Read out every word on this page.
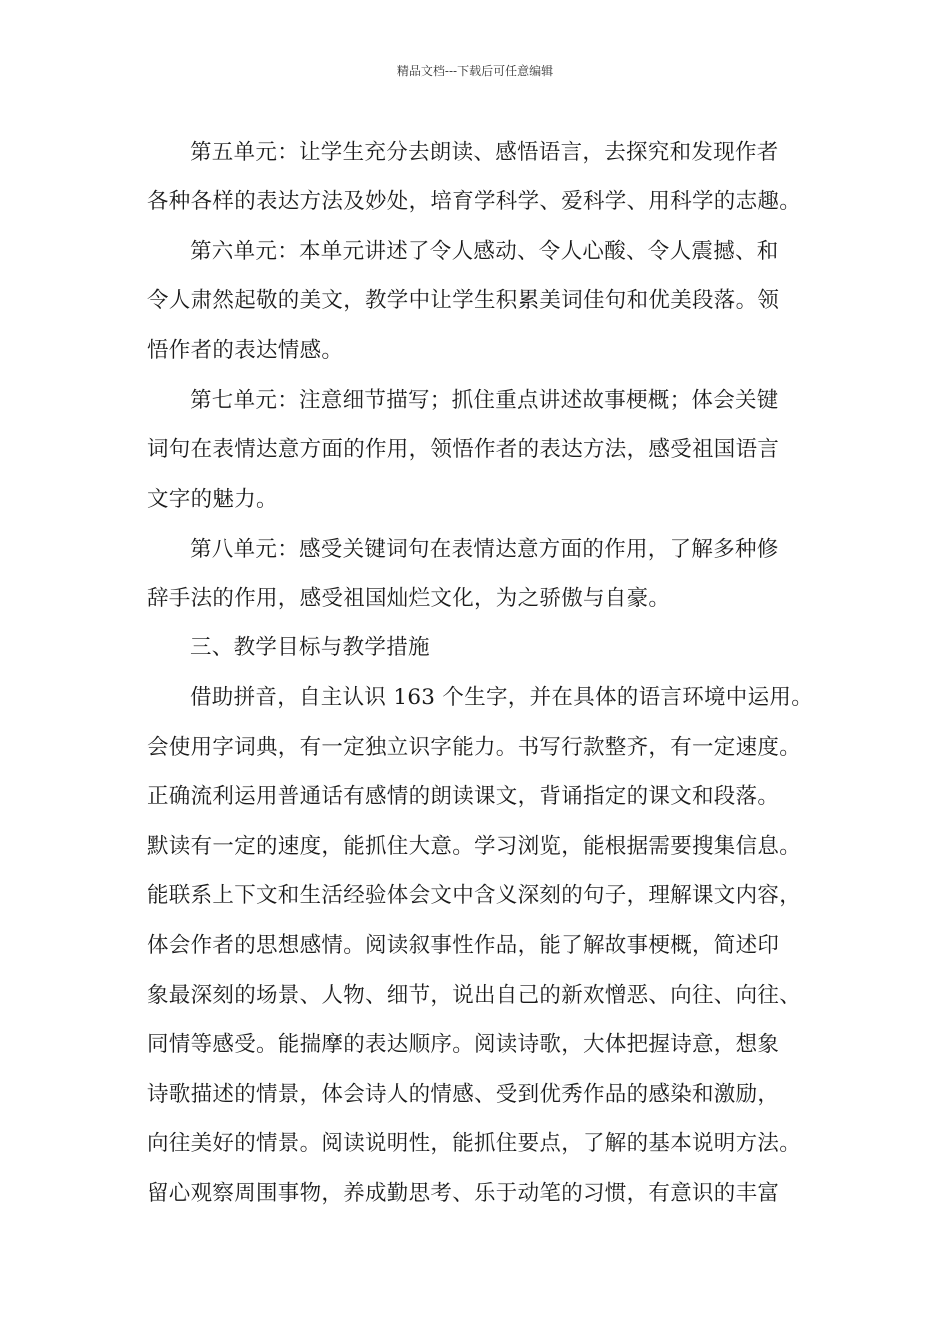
精品文档---下载后可任意编辑
第五单元：让学生充分去朗读、感悟语言，去探究和发现作者
各种各样的表达方法及妙处，培育学科学、爱科学、用科学的志趣。
第六单元：本单元讲述了令人感动、令人心酸、令人震撼、和
令人肃然起敬的美文，教学中让学生积累美词佳句和优美段落。领
悟作者的表达情感。
第七单元：注意细节描写；抓住重点讲述故事梗概；体会关键
词句在表情达意方面的作用，领悟作者的表达方法，感受祖国语言
文字的魅力。
第八单元：感受关键词句在表情达意方面的作用，了解多种修
辞手法的作用，感受祖国灿烂文化，为之骄傲与自豪。
三、教学目标与教学措施
借助拼音，自主认识 163 个生字，并在具体的语言环境中运用。
会使用字词典，有一定独立识字能力。书写行款整齐，有一定速度。
正确流利运用普通话有感情的朗读课文，背诵指定的课文和段落。
默读有一定的速度，能抓住大意。学习浏览，能根据需要搜集信息。
能联系上下文和生活经验体会文中含义深刻的句子，理解课文内容，
体会作者的思想感情。阅读叙事性作品，能了解故事梗概，简述印
象最深刻的场景、人物、细节，说出自己的新欢憎恶、向往、向往、
同情等感受。能揣摩的表达顺序。阅读诗歌，大体把握诗意，想象
诗歌描述的情景，体会诗人的情感、受到优秀作品的感染和激励，
向往美好的情景。阅读说明性，能抓住要点，了解的基本说明方法。
留心观察周围事物，养成勤思考、乐于动笔的习惯，有意识的丰富
